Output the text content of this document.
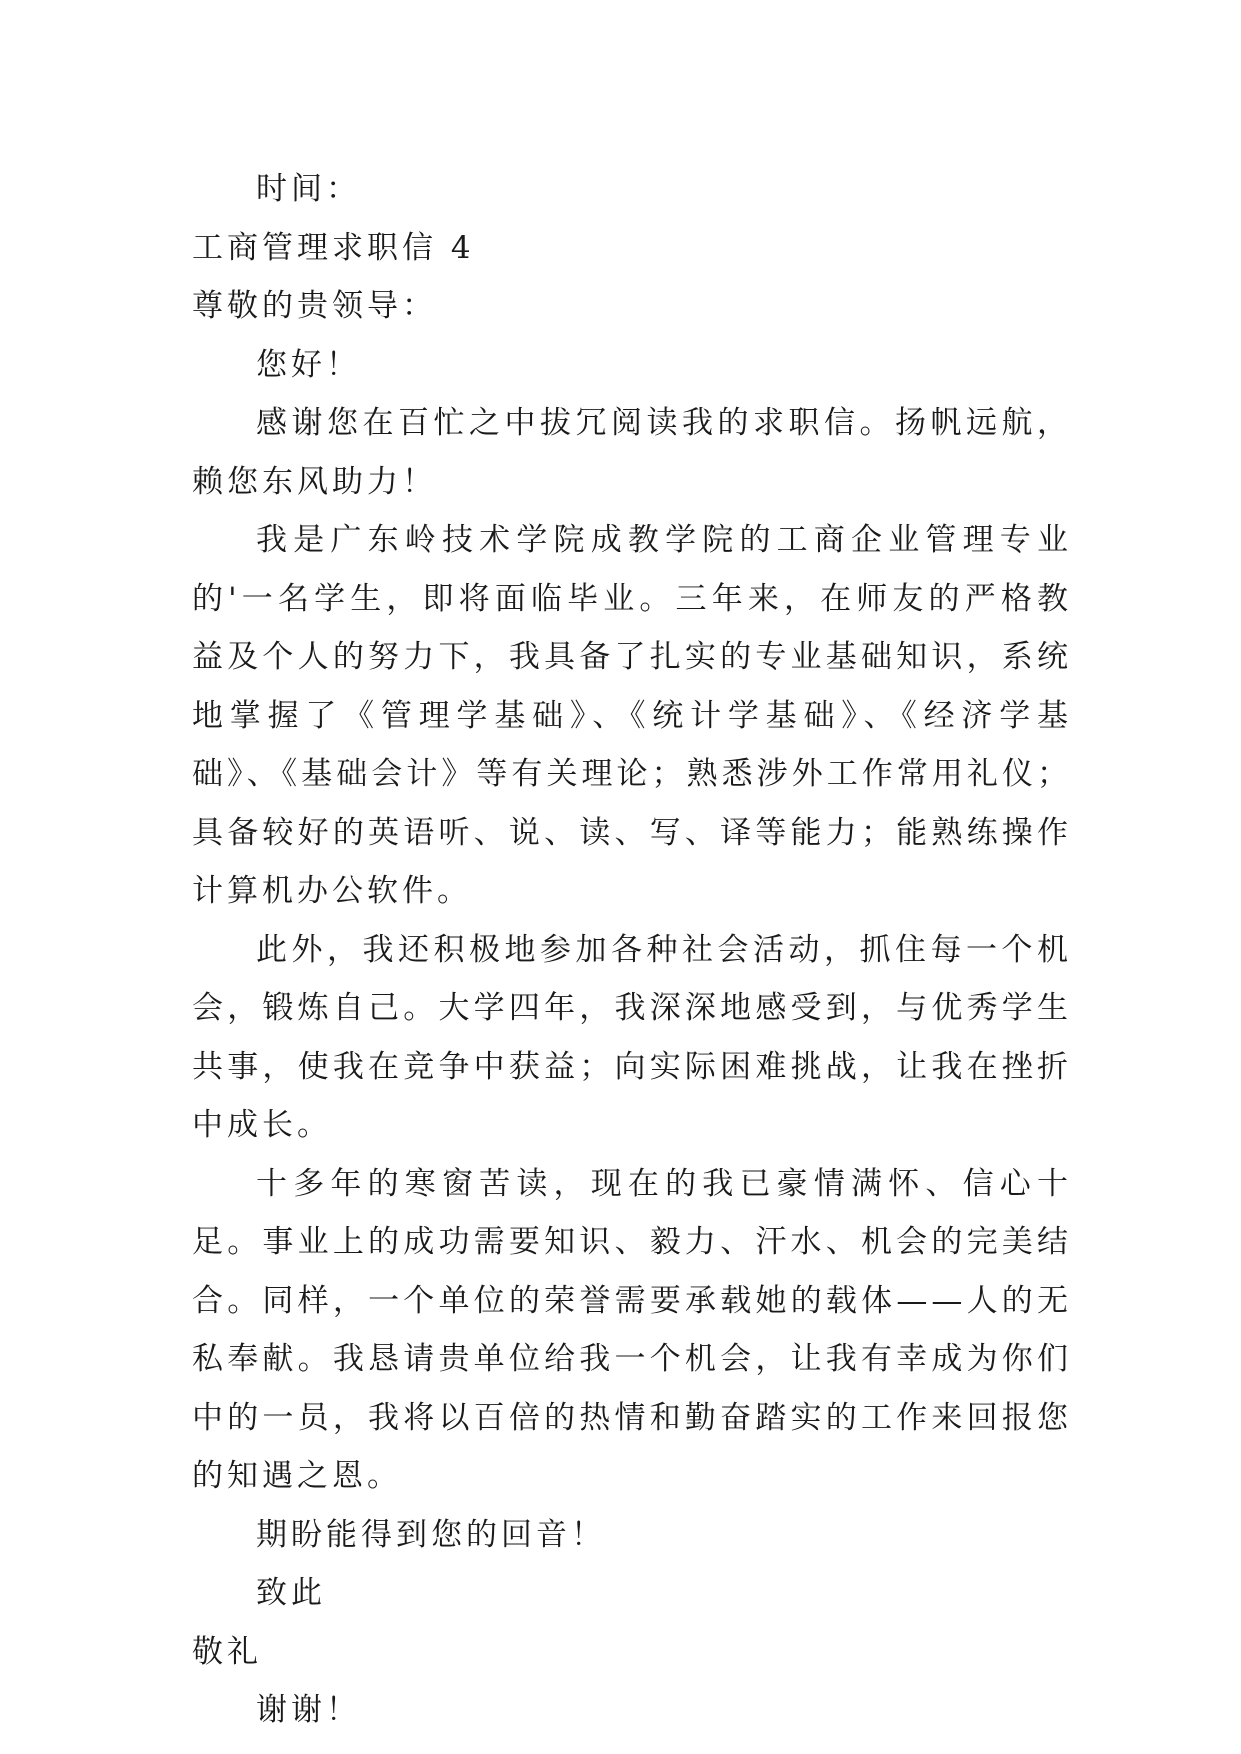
时间：

工商管理求职信 4

尊敬的贵领导：

您好！

感谢您在百忙之中拔冗阅读我的求职信。扬帆远航，赖您东风助力！

我是广东岭技术学院成教学院的工商企业管理专业的'一名学生，即将面临毕业。三年来，在师友的严格教益及个人的努力下，我具备了扎实的专业基础知识，系统地掌握了《管理学基础》、《统计学基础》、《经济学基础》、《基础会计》等有关理论；熟悉涉外工作常用礼仪；具备较好的英语听、说、读、写、译等能力；能熟练操作计算机办公软件。

此外，我还积极地参加各种社会活动，抓住每一个机会，锻炼自己。大学四年，我深深地感受到，与优秀学生共事，使我在竞争中获益；向实际困难挑战，让我在挫折中成长。

十多年的寒窗苦读，现在的我已豪情满怀、信心十足。事业上的成功需要知识、毅力、汗水、机会的完美结合。同样，一个单位的荣誉需要承载她的载体——人的无私奉献。我恳请贵单位给我一个机会，让我有幸成为你们中的一员，我将以百倍的热情和勤奋踏实的工作来回报您的知遇之恩。

期盼能得到您的回音！

致此

敬礼

谢谢！
